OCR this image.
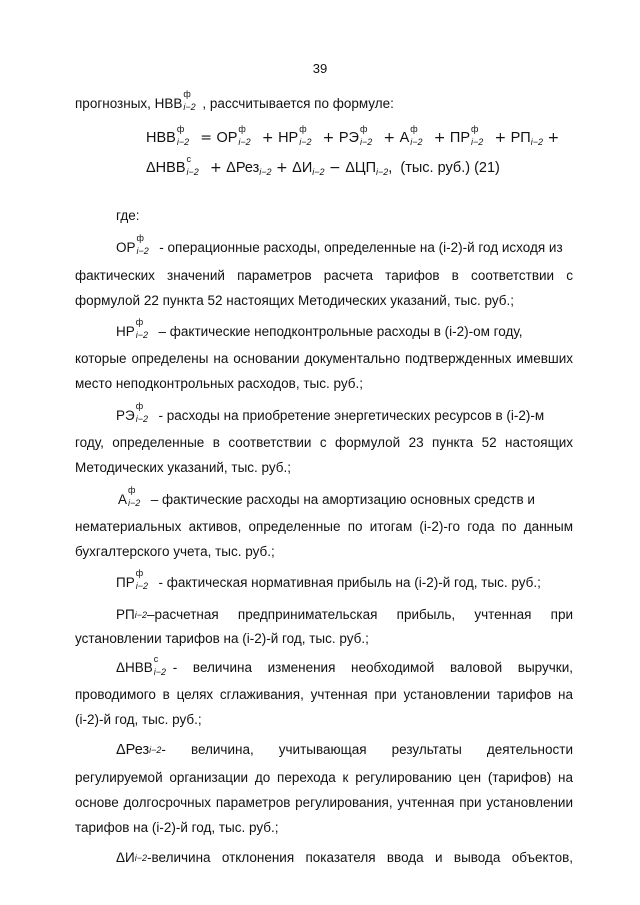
39
прогнозных, НВВ
ф
i−2 , рассчитывается по формуле:
НВВ
ф
i−2 = ОР
ф
i−2 + НР
ф
i−2 + РЭ
ф
i−2 + А
ф
i−2 + ПР
ф
$i-2 + РП_{i-2}$ +
ΔНВВ
с
$i-2 + \Delta Рез_{i-2} + \Delta И_{i-2} - \Delta ЦП_{i-2}$,  (тыс. руб.) (21)
где:
ОР
ф
i−2 - операционные расходы, определенные на (i-2)-й год исходя из
фактических значений параметров расчета тарифов в соответствии с
формулой 22 пункта 52 настоящих Методических указаний, тыс. руб.;
НР
ф
i−2 – фактические неподконтрольные расходы в (i-2)-ом году,
которые определены на основании документально подтвержденных имевших
место неподконтрольных расходов, тыс. руб.;
РЭ
ф
i−2 - расходы на приобретение энергетических ресурсов в (i-2)-м
году, определенные в соответствии с формулой 23 пункта 52 настоящих
Методических указаний, тыс. руб.;
А
ф
i−2 – фактические расходы на амортизацию основных средств и
нематериальных активов, определенные по итогам (i-2)-го года по данным
бухгалтерского учета, тыс. руб.;
ПР
ф
i−2 - фактическая нормативная прибыль на (i-2)-й год, тыс. руб.;
РП i−2 –расчетная предпринимательская прибыль, учтенная при
установлении тарифов на (i-2)-й год, тыс. руб.;
ΔНВВ
с
i−2 - величина изменения необходимой валовой выручки,
проводимого в целях сглаживания, учтенная при установлении тарифов на
(i-2)-й год, тыс. руб.;
ΔРез i−2 - величина, учитывающая результаты деятельности
регулируемой организации до перехода к регулированию цен (тарифов) на
основе долгосрочных параметров регулирования, учтенная при установлении
тарифов на (i-2)-й год, тыс. руб.;
ΔИ i−2 -величина отклонения показателя ввода и вывода объектов,
